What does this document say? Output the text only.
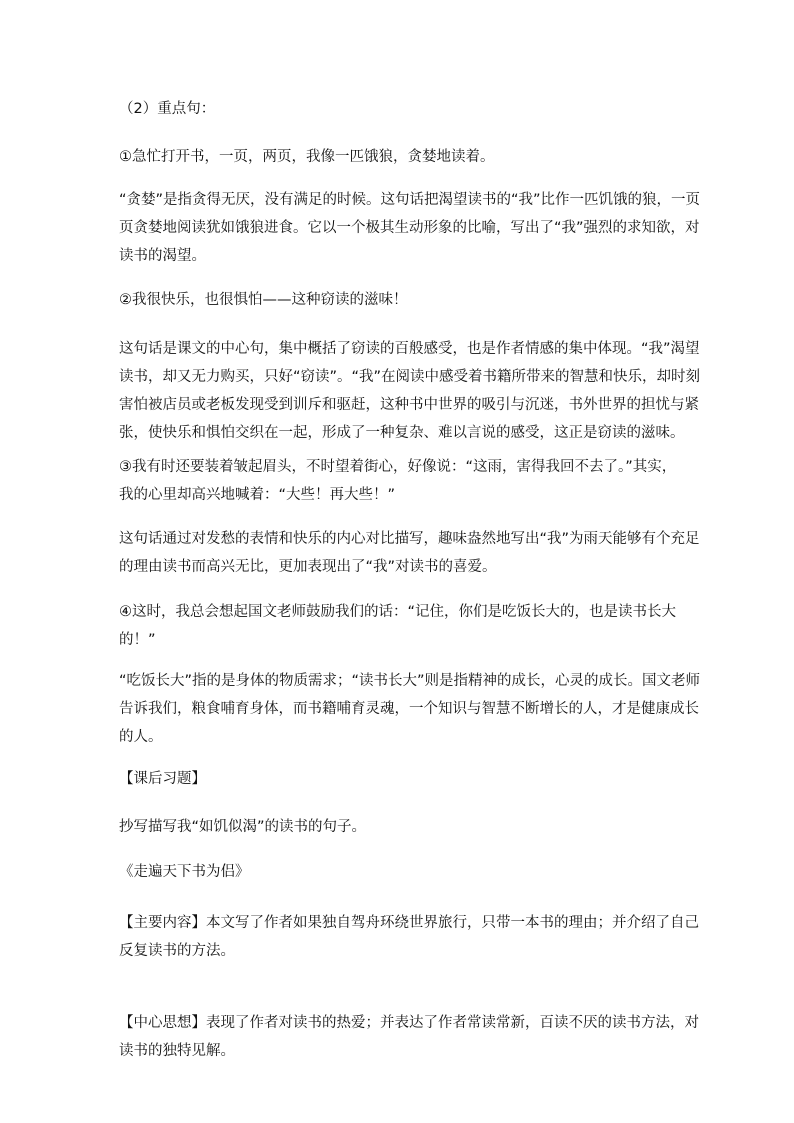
（2）重点句：

①急忙打开书，一页，两页，我像一匹饿狼，贪婪地读着。

“贪婪”是指贪得无厌，没有满足的时候。这句话把渴望读书的“我”比作一匹饥饿的狼，一页
页贪婪地阅读犹如饿狼进食。它以一个极其生动形象的比喻，写出了“我”强烈的求知欲，对
读书的渴望。

②我很快乐，也很惧怕——这种窃读的滋味！

这句话是课文的中心句，集中概括了窃读的百般感受，也是作者情感的集中体现。“我”渴望
读书，却又无力购买，只好“窃读”。“我”在阅读中感受着书籍所带来的智慧和快乐，却时刻
害怕被店员或老板发现受到训斥和驱赶，这种书中世界的吸引与沉迷，书外世界的担忧与紧
张，使快乐和惧怕交织在一起，形成了一种复杂、难以言说的感受，这正是窃读的滋味。

③我有时还要装着皱起眉头，不时望着街心，好像说：“这雨，害得我回不去了。”其实，
我的心里却高兴地喊着：“大些！再大些！”

这句话通过对发愁的表情和快乐的内心对比描写，趣味盎然地写出“我”为雨天能够有个充足
的理由读书而高兴无比，更加表现出了“我”对读书的喜爱。

④这时，我总会想起国文老师鼓励我们的话：“记住，你们是吃饭长大的，也是读书长大
的！”

“吃饭长大”指的是身体的物质需求；“读书长大”则是指精神的成长，心灵的成长。国文老师
告诉我们，粮食哺育身体，而书籍哺育灵魂，一个知识与智慧不断增长的人，才是健康成长
的人。

【课后习题】

抄写描写我“如饥似渴”的读书的句子。

《走遍天下书为侣》

【主要内容】本文写了作者如果独自驾舟环绕世界旅行，只带一本书的理由；并介绍了自己
反复读书的方法。

【中心思想】表现了作者对读书的热爱；并表达了作者常读常新，百读不厌的读书方法，对
读书的独特见解。
